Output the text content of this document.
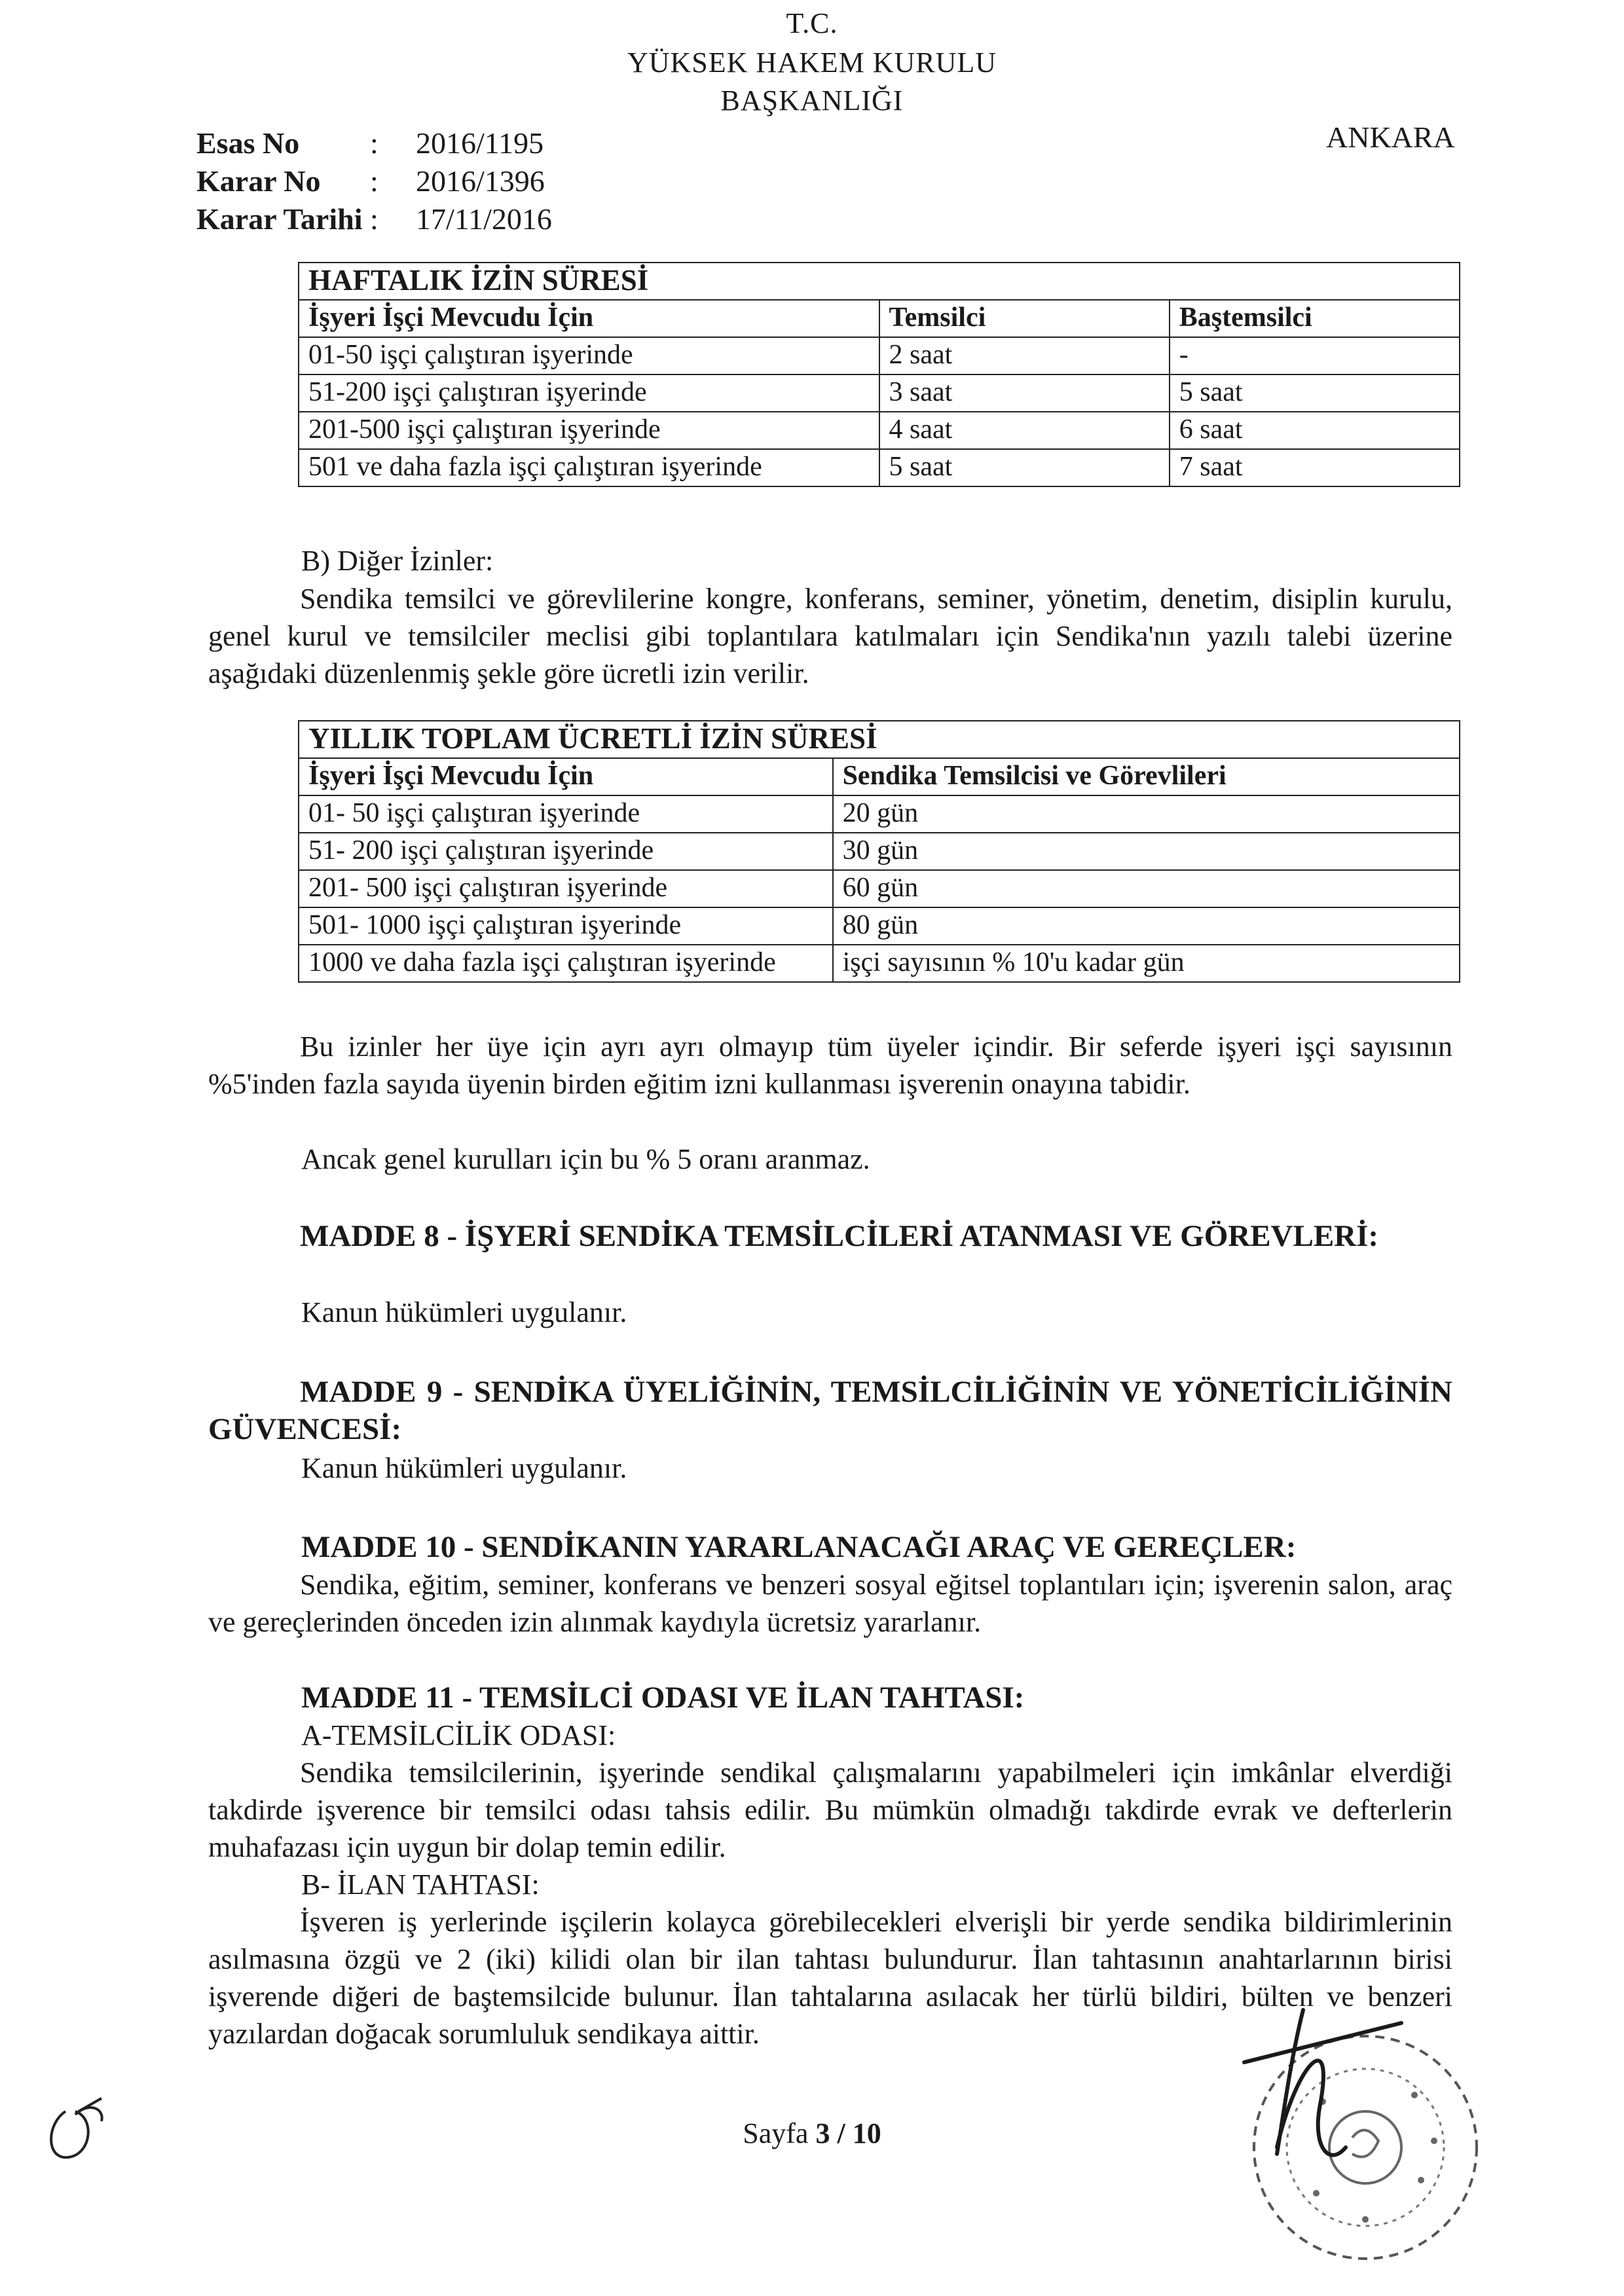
T.C.
YÜKSEK HAKEM KURULU
BAŞKANLIĞI
Esas No	:	2016/1195
Karar No	:	2016/1396
Karar Tarihi :	17/11/2016
ANKARA
HAFTALIK İZİN SÜRESİ		
İşyeri İşçi Mevcudu İçin	Temsilci	Baştemsilci
01-50 işçi çalıştıran işyerinde	2 saat	-
51-200 işçi çalıştıran işyerinde	3 saat	5 saat
201-500 işçi çalıştıran işyerinde	4 saat	6 saat
501 ve daha fazla işçi çalıştıran işyerinde	5 saat	7 saat
B) Diğer İzinler:
Sendika temsilci ve görevlilerine kongre, konferans, seminer, yönetim, denetim, disiplin kurulu, genel kurul ve temsilciler meclisi gibi toplantılara katılmaları için Sendika'nın yazılı talebi üzerine aşağıdaki düzenlenmiş şekle göre ücretli izin verilir.
YILLIK TOPLAM ÜCRETLİ İZİN SÜRESİ	
İşyeri İşçi Mevcudu İçin	Sendika Temsilcisi ve Görevlileri
01- 50 işçi çalıştıran işyerinde	20 gün
51- 200 işçi çalıştıran işyerinde	30 gün
201- 500 işçi çalıştıran işyerinde	60 gün
501- 1000 işçi çalıştıran işyerinde	80 gün
1000 ve daha fazla işçi çalıştıran işyerinde	işçi sayısının % 10'u kadar gün
Bu izinler her üye için ayrı ayrı olmayıp tüm üyeler içindir. Bir seferde işyeri işçi sayısının %5'inden fazla sayıda üyenin birden eğitim izni kullanması işverenin onayına tabidir.
Ancak genel kurulları için bu % 5 oranı aranmaz.
MADDE 8 - İŞYERİ SENDİKA TEMSİLCİLERİ ATANMASI VE GÖREVLERİ:
Kanun hükümleri uygulanır.
MADDE 9 - SENDİKA ÜYELİĞİNİN, TEMSİLCİLİĞİNİN VE YÖNETİCİLİĞİNİN GÜVENCESİ:
Kanun hükümleri uygulanır.
MADDE 10 - SENDİKANIN YARARLANACAĞI ARAÇ VE GEREÇLER:
Sendika, eğitim, seminer, konferans ve benzeri sosyal eğitsel toplantıları için; işverenin salon, araç ve gereçlerinden önceden izin alınmak kaydıyla ücretsiz yararlanır.
MADDE 11 - TEMSİLCİ ODASI VE İLAN TAHTASI:
A-TEMSİLCİLİK ODASI:
Sendika temsilcilerinin, işyerinde sendikal çalışmalarını yapabilmeleri için imkânlar elverdiği takdirde işverence bir temsilci odası tahsis edilir. Bu mümkün olmadığı takdirde evrak ve defterlerin muhafazası için uygun bir dolap temin edilir.
B- İLAN TAHTASI:
İşveren iş yerlerinde işçilerin kolayca görebilecekleri elverişli bir yerde sendika bildirimlerinin asılmasına özgü ve 2 (iki) kilidi olan bir ilan tahtası bulundurur. İlan tahtasının anahtarlarının birisi işverende diğeri de baştemsilcide bulunur. İlan tahtalarına asılacak her türlü bildiri, bülten ve benzeri yazılardan doğacak sorumluluk sendikaya aittir.
Sayfa 3 / 10
